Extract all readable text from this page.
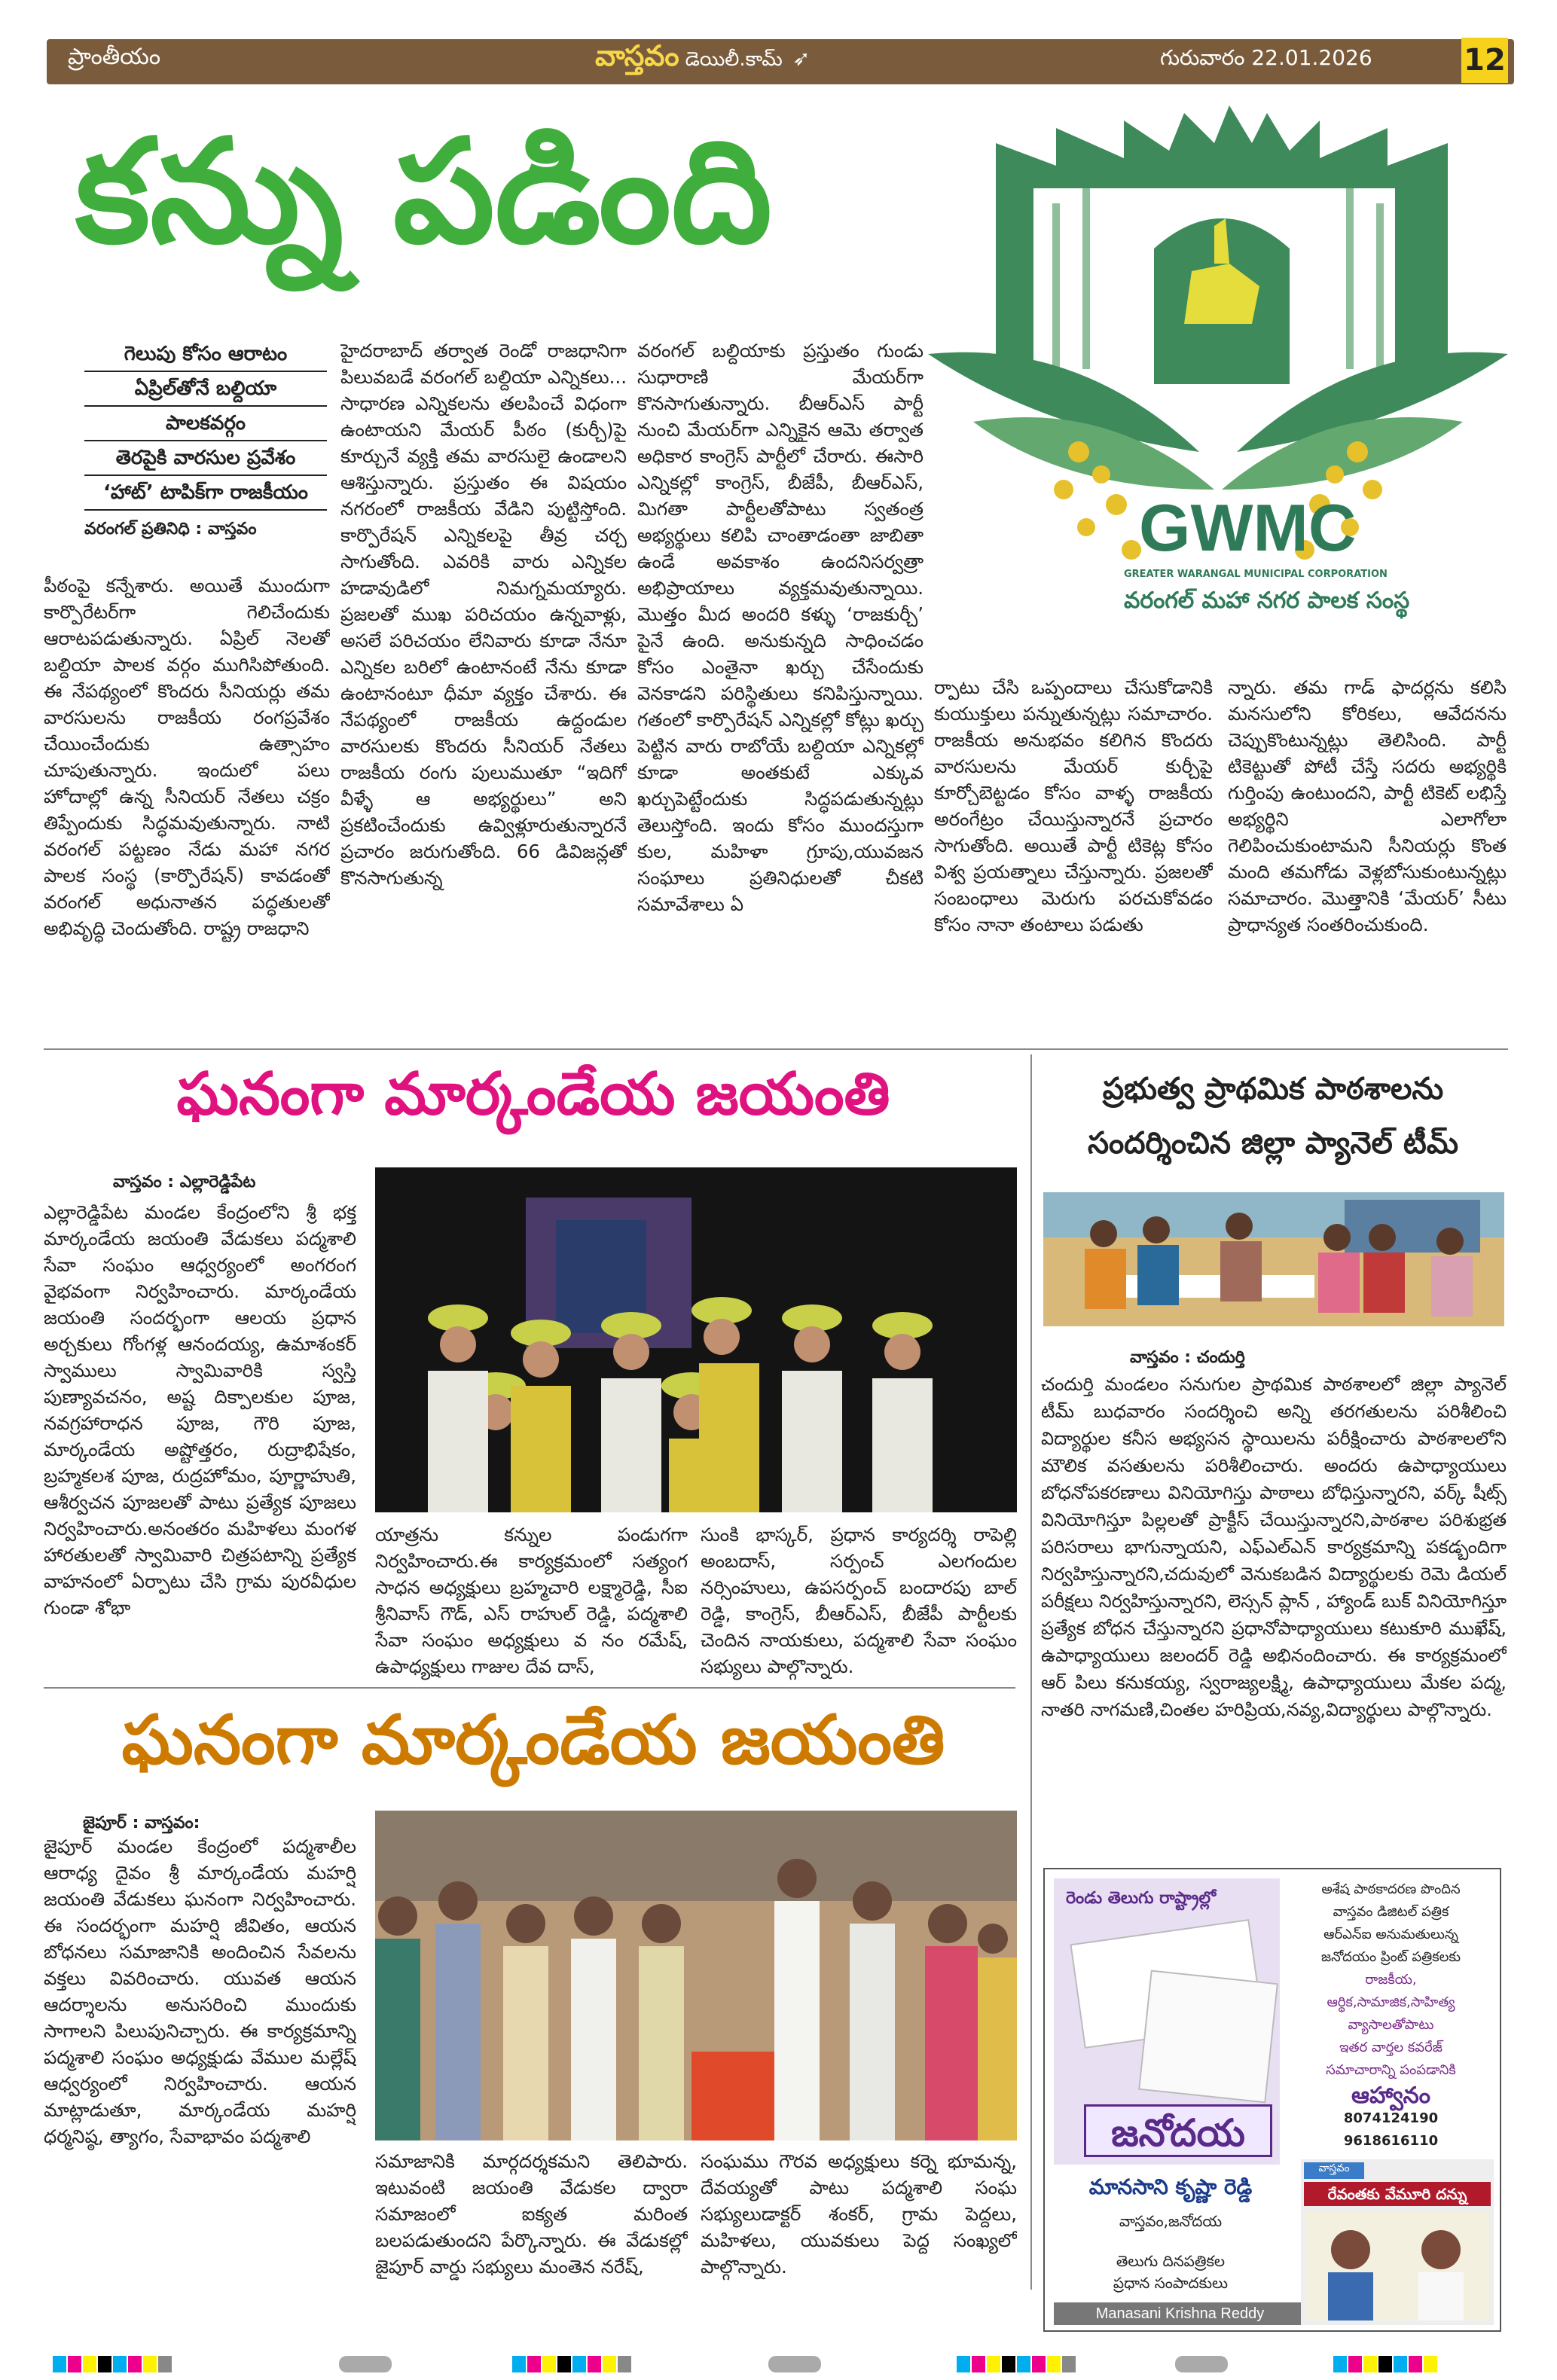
ప్రాంతీయం	వాస్తవం డెయిలీ.కామ్ ➶	గురువారం 22.01.2026	12
కన్ను పడింది
గెలుపు కోసం ఆరాటం
ఏప్రిల్‌తోనే బల్దియా
పాలకవర్గం
తెరపైకి వారసుల ప్రవేశం
‘హాట్’ టాపిక్‌గా రాజకీయం
వరంగల్ ప్రతినిధి : వాస్తవం
పీఠంపై కన్నేశారు. అయితే ముందుగా కార్పొరేటర్‌గా గెలిచేందుకు ఆరాటపడుతున్నారు. ఏప్రిల్ నెలతో బల్దియా పాలక వర్గం ముగిసిపోతుంది. ఈ నేపథ్యంలో కొందరు సీనియర్లు తమ వారసులను రాజకీయ రంగప్రవేశం చేయించేందుకు ఉత్సాహం చూపుతున్నారు. ఇందులో పలు హోదాల్లో ఉన్న సీనియర్ నేతలు చక్రం తిప్పేందుకు సిద్ధమవుతున్నారు. నాటి వరంగల్ పట్టణం నేడు మహా నగర పాలక సంస్థ (కార్పొరేషన్) కావడంతో వరంగల్ అధునాతన పద్ధతులతో అభివృద్ధి చెందుతోంది. రాష్ట్ర రాజధాని
హైదరాబాద్ తర్వాత రెండో రాజధానిగా పిలువబడే వరంగల్ బల్దియా ఎన్నికలు... సాధారణ ఎన్నికలను తలపించే విధంగా ఉంటాయని మేయర్ పీఠం (కుర్చీ)పై కూర్చునే వ్యక్తి తమ వారసులై ఉండాలని ఆశిస్తున్నారు. ప్రస్తుతం ఈ విషయం నగరంలో రాజకీయ వేడిని పుట్టిస్తోంది. కార్పొరేషన్ ఎన్నికలపై తీవ్ర చర్చ సాగుతోంది. ఎవరికి వారు ఎన్నికల హడావుడిలో నిమగ్నమయ్యారు. ప్రజలతో ముఖ పరిచయం ఉన్నవాళ్లు, అసలే పరిచయం లేనివారు కూడా నేనూ ఎన్నికల బరిలో ఉంటానంటే నేను కూడా ఉంటానంటూ ధీమా వ్యక్తం చేశారు. ఈ నేపథ్యంలో రాజకీయ ఉద్దండుల వారసులకు కొందరు సీనియర్ నేతలు రాజకీయ రంగు పులుముతూ “ఇదిగో వీళ్ళే ఆ అభ్యర్థులు” అని ప్రకటించేందుకు ఉవ్విళ్లూరుతున్నారనే ప్రచారం జరుగుతోంది. 66 డివిజన్లతో కొనసాగుతున్న
వరంగల్ బల్దియాకు ప్రస్తుతం గుండు సుధారాణి మేయర్‌గా కొనసాగుతున్నారు. బీఆర్ఎస్ పార్టీ నుంచి మేయర్‌గా ఎన్నికైన ఆమె తర్వాత అధికార కాంగ్రెస్ పార్టీలో చేరారు. ఈసారి ఎన్నికల్లో కాంగ్రెస్, బీజేపీ, బీఆర్ఎస్, మిగతా పార్టీలతోపాటు స్వతంత్ర అభ్యర్థులు కలిపి చాంతాడంతా జాబితా ఉండే అవకాశం ఉందనిసర్వత్రా అభిప్రాయాలు వ్యక్తమవుతున్నాయి. మొత్తం మీద అందరి కళ్ళు ‘రాజకుర్చీ’ పైనే ఉంది. అనుకున్నది సాధించడం కోసం ఎంతైనా ఖర్చు చేసేందుకు వెనకాడని పరిస్థితులు కనిపిస్తున్నాయి. గతంలో కార్పొరేషన్ ఎన్నికల్లో కోట్లు ఖర్చు పెట్టిన వారు రాబోయే బల్దియా ఎన్నికల్లో కూడా అంతకుటే ఎక్కువ ఖర్చుపెట్టేందుకు సిద్ధపడుతున్నట్లు తెలుస్తోంది. ఇందు కోసం ముందస్తుగా కుల, మహిళా గ్రూపు,యువజన సంఘాలు ప్రతినిధులతో చీకటి సమావేశాలు ఏ
ర్పాటు చేసి ఒప్పందాలు చేసుకోడానికి కుయుక్తులు పన్నుతున్నట్లు సమాచారం. రాజకీయ అనుభవం కలిగిన కొందరు వారసులను మేయర్ కుర్చీపై కూర్చోబెట్టడం కోసం వాళ్ళ రాజకీయ అరంగేట్రం చేయిస్తున్నారనే ప్రచారం సాగుతోంది. అయితే పార్టీ టికెట్ల కోసం విశ్వ ప్రయత్నాలు చేస్తున్నారు. ప్రజలతో సంబంధాలు మెరుగు పరచుకోవడం కోసం నానా తంటాలు పడుతు
న్నారు. తమ గాడ్ ఫాదర్లను కలిసి మనసులోని కోరికలు, ఆవేదనను చెప్పుకొంటున్నట్లు తెలిసింది. పార్టీ టికెట్టుతో పోటీ చేస్తే సదరు అభ్యర్థికి గుర్తింపు ఉంటుందని, పార్టీ టికెట్ లభిస్తే అభ్యర్థిని ఎలాగోలా గెలిపించుకుంటామని సీనియర్లు కొంత మంది తమగోడు వెళ్లబోసుకుంటున్నట్లు సమాచారం. మొత్తానికి ‘మేయర్’ సీటు ప్రాధాన్యత సంతరించుకుంది.
GWMC
GREATER WARANGAL MUNICIPAL CORPORATION
వరంగల్ మహా నగర పాలక సంస్థ
ఘనంగా మార్కండేయ జయంతి
వాస్తవం : ఎల్లారెడ్డిపేట
ఎల్లారెడ్డిపేట మండల కేంద్రంలోని శ్రీ భక్త మార్కండేయ జయంతి వేడుకలు పద్మశాలి సేవా సంఘం ఆధ్వర్యంలో అంగరంగ వైభవంగా నిర్వహించారు. మార్కండేయ జయంతి సందర్భంగా ఆలయ ప్రధాన అర్చకులు గోంగళ్ల ఆనందయ్య, ఉమాశంకర్ స్వాములు స్వామివారికి స్వస్తి పుణ్యావచనం, అష్ట దిక్పాలకుల పూజ, నవగ్రహారాధన పూజ, గౌరి పూజ, మార్కండేయ అష్టోత్తరం, రుద్రాభిషేకం, బ్రహ్మకలశ పూజ, రుద్రహోమం, పూర్ణాహుతి, ఆశీర్వచన పూజలతో పాటు ప్రత్యేక పూజలు నిర్వహించారు.అనంతరం మహిళలు మంగళ హారతులతో స్వామివారి చిత్రపటాన్ని ప్రత్యేక వాహనంలో ఏర్పాటు చేసి గ్రామ పురవీధుల గుండా శోభా
యాత్రను కన్నుల పండుగగా నిర్వహించారు.ఈ కార్యక్రమంలో సత్యంగ సాధన అధ్యక్షులు బ్రహ్మచారి లక్ష్మారెడ్డి, సీఐ శ్రీనివాస్ గౌడ్, ఎస్ రాహుల్ రెడ్డి, పద్మశాలి సేవా సంఘం అధ్యక్షులు వ నం రమేష్, ఉపాధ్యక్షులు గాజుల దేవ దాస్,
సుంకి భాస్కర్, ప్రధాన కార్యదర్శి రాపెల్లి అంబదాస్, సర్పంచ్ ఎలగందుల నర్సింహులు, ఉపసర్పంచ్ బందారపు బాల్ రెడ్డి, కాంగ్రెస్, బీఆర్ఎస్, బీజేపీ పార్టీలకు చెందిన నాయకులు, పద్మశాలి సేవా సంఘం సభ్యులు పాల్గొన్నారు.
ప్రభుత్వ ప్రాథమిక పాఠశాలను సందర్శించిన జిల్లా ప్యానెల్ టీమ్
వాస్తవం : చందుర్తి
చందుర్తి మండలం సనుగుల ప్రాథమిక పాఠశాలలో జిల్లా ప్యానెల్ టీమ్ బుధవారం సందర్శించి అన్ని తరగతులను పరిశీలించి విద్యార్థుల కనీస అభ్యసన స్థాయిలను పరీక్షించారు పాఠశాలలోని మౌలిక వసతులను పరిశీలించారు. అందరు ఉపాధ్యాయులు బోధనోపకరణాలు వినియోగిస్తు పాఠాలు బోధిస్తున్నారని, వర్క్ షీట్స్ వినియోగిస్తూ పిల్లలతో ప్రాక్టీస్ చేయిస్తున్నారని,పాఠశాల పరిశుభ్రత పరిసరాలు భాగున్నాయని, ఎఫ్ఎల్ఎన్ కార్యక్రమాన్ని పకడ్బందిగా నిర్వహిస్తున్నారని,చదువులో వెనుకబడిన విద్యార్థులకు రెమె డియల్ పరీక్షలు నిర్వహిస్తున్నారని, లెస్సన్ ప్లాన్ , హ్యాండ్ బుక్ వినియోగిస్తూ ప్రత్యేక బోధన చేస్తున్నారని ప్రధానోపాధ్యాయులు కటుకూరి ముఖేష్, ఉపాధ్యాయులు జలందర్ రెడ్డి అభినందించారు. ఈ కార్యక్రమంలో ఆర్ పిలు కనుకయ్య, స్వరాజ్యలక్ష్మి, ఉపాధ్యాయులు మేకల పద్మ, నాతరి నాగమణి,చింతల హరిప్రియ,నవ్య,విద్యార్థులు పాల్గొన్నారు.
ఘనంగా మార్కండేయ జయంతి
జైపూర్ : వాస్తవం:
జైపూర్ మండల కేంద్రంలో పద్మశాలీల ఆరాధ్య దైవం శ్రీ మార్కండేయ మహర్షి జయంతి వేడుకలు ఘనంగా నిర్వహించారు. ఈ సందర్భంగా మహర్షి జీవితం, ఆయన బోధనలు సమాజానికి అందించిన సేవలను వక్తలు వివరించారు. యువత ఆయన ఆదర్శాలను అనుసరించి ముందుకు సాగాలని పిలుపునిచ్చారు. ఈ కార్యక్రమాన్ని పద్మశాలి సంఘం అధ్యక్షుడు వేముల మల్లేష్ ఆధ్వర్యంలో నిర్వహించారు. ఆయన మాట్లాడుతూ, మార్కండేయ మహర్షి ధర్మనిష్ఠ, త్యాగం, సేవాభావం పద్మశాలి
సమాజానికి మార్గదర్శకమని తెలిపారు. ఇటువంటి జయంతి వేడుకల ద్వారా సమాజంలో ఐక్యత మరింత బలపడుతుందని పేర్కొన్నారు. ఈ వేడుకల్లో జైపూర్ వార్డు సభ్యులు మంతెన నరేష్,
సంఘము గౌరవ అధ్యక్షులు కర్నె భూమన్న, దేవయ్యతో పాటు పద్మశాలి సంఘ సభ్యులుడాక్టర్ శంకర్, గ్రామ పెద్దలు, మహిళలు, యువకులు పెద్ద సంఖ్యలో పాల్గొన్నారు.
రెండు తెలుగు రాష్ట్రాల్లో
జనోదయ
అశేష పాఠకాదరణ పొందిన
వాస్తవం డిజిటల్ పత్రిక
ఆర్ఎన్ఐ అనుమతులున్న
జనోదయం ప్రింట్ పత్రికలకు
రాజకీయ,
ఆర్థిక,సామాజిక,సాహిత్య
వ్యాసాలతోపాటు
ఇతర వార్తల కవరేజ్
సమాచారాన్ని పంపడానికి
ఆహ్వానం
8074124190
9618616110
మానసాని కృష్ణా రెడ్డి
వాస్తవం,జనోదయ
తెలుగు దినపత్రికల
ప్రధాన సంపాదకులు
Manasani Krishna Reddy
వాస్తవం
రేవంతకు వేమూరి దన్ను
